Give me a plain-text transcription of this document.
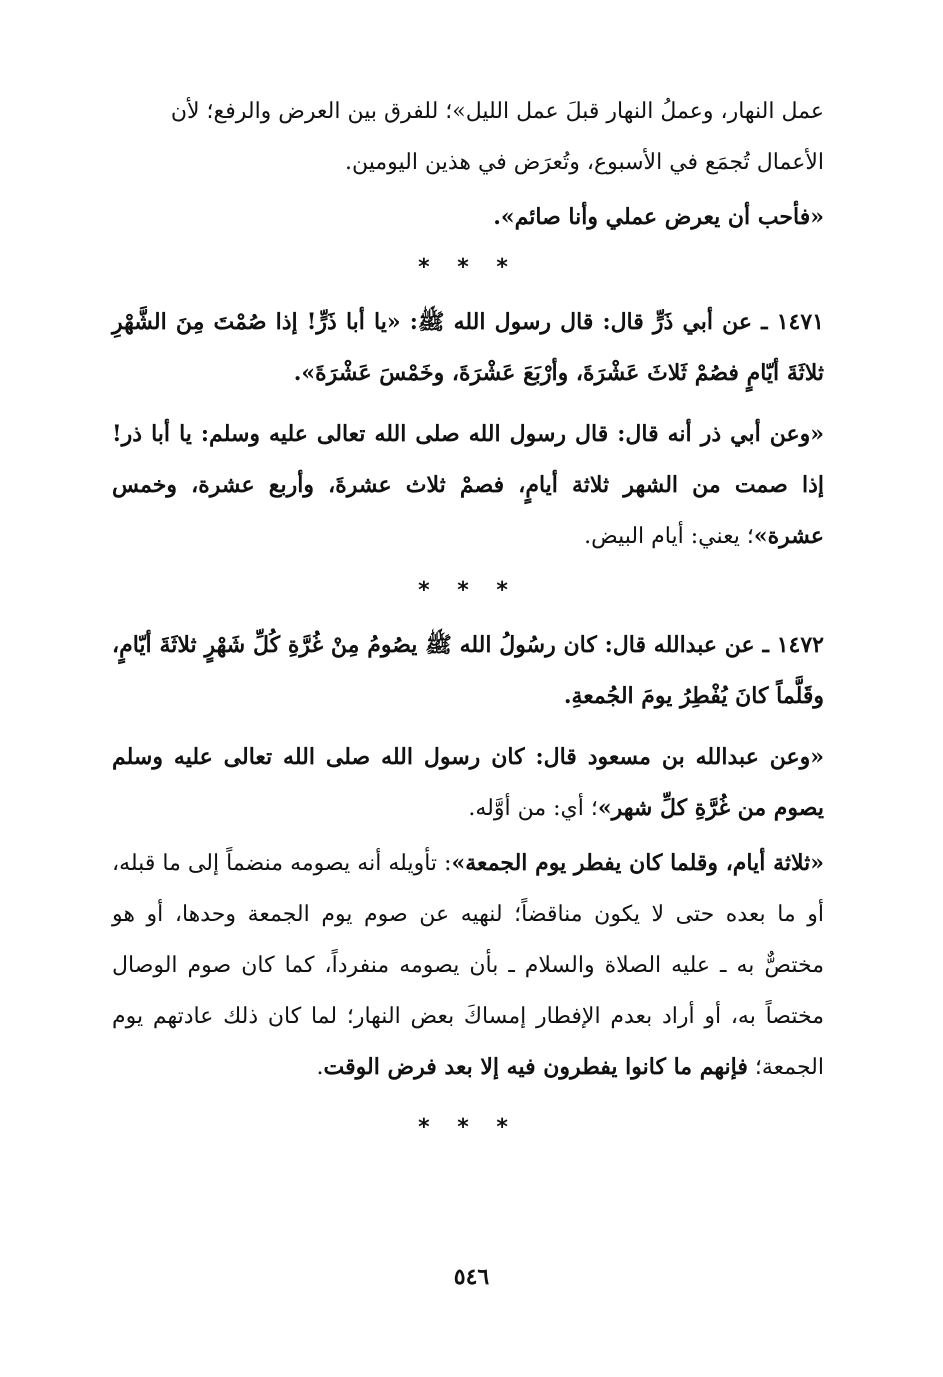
عمل النهار، وعملُ النهار قبلَ عمل الليل»؛ للفرق بين العرض والرفع؛ لأن
الأعمال تُجمَع في الأسبوع، وتُعرَض في هذين اليومين.

«فأحب أن يعرض عملي وأنا صائم».

* * *

١٤٧١ ـ عن أبي ذَرٍّ قال: قال رسول الله ﷺ: «يا أبا ذَرٍّ! إذا صُمْتَ مِنَ الشَّهْرِ ثلاثَةَ أيّامٍ فصُمْ ثَلاثَ عَشْرَةَ، وأرْبَعَ عَشْرَةَ، وخَمْسَ عَشْرَةَ».

«وعن أبي ذر أنه قال: قال رسول الله صلى الله تعالى عليه وسلم: يا أبا ذر! إذا صمت من الشهر ثلاثة أيامٍ، فصمْ ثلاث عشرةَ، وأربع عشرة، وخمس عشرة»؛ يعني: أيام البيض.

* * *

١٤٧٢ ـ عن عبدالله قال: كان رسُولُ الله ﷺ يصُومُ مِنْ غُرَّةِ كُلِّ شَهْرٍ ثلاثَةَ أيّامٍ، وقَلَّماً كانَ يُفْطِرُ يومَ الجُمعةِ.

«وعن عبدالله بن مسعود قال: كان رسول الله صلى الله تعالى عليه وسلم يصوم من غُرَّةِ كلِّ شهر»؛ أي: من أوَّله.

«ثلاثة أيام، وقلما كان يفطر يوم الجمعة»: تأويله أنه يصومه منضماً إلى ما قبله، أو ما بعده حتى لا يكون مناقضاً؛ لنهيه عن صوم يوم الجمعة وحدها، أو هو مختصٌّ به ـ عليه الصلاة والسلام ـ بأن يصومه منفرداً، كما كان صوم الوصال مختصاً به، أو أراد بعدم الإفطار إمساكَ بعض النهار؛ لما كان ذلك عادتهم يوم الجمعة؛ فإنهم ما كانوا يفطرون فيه إلا بعد فرض الوقت.

* * *
٥٤٦
